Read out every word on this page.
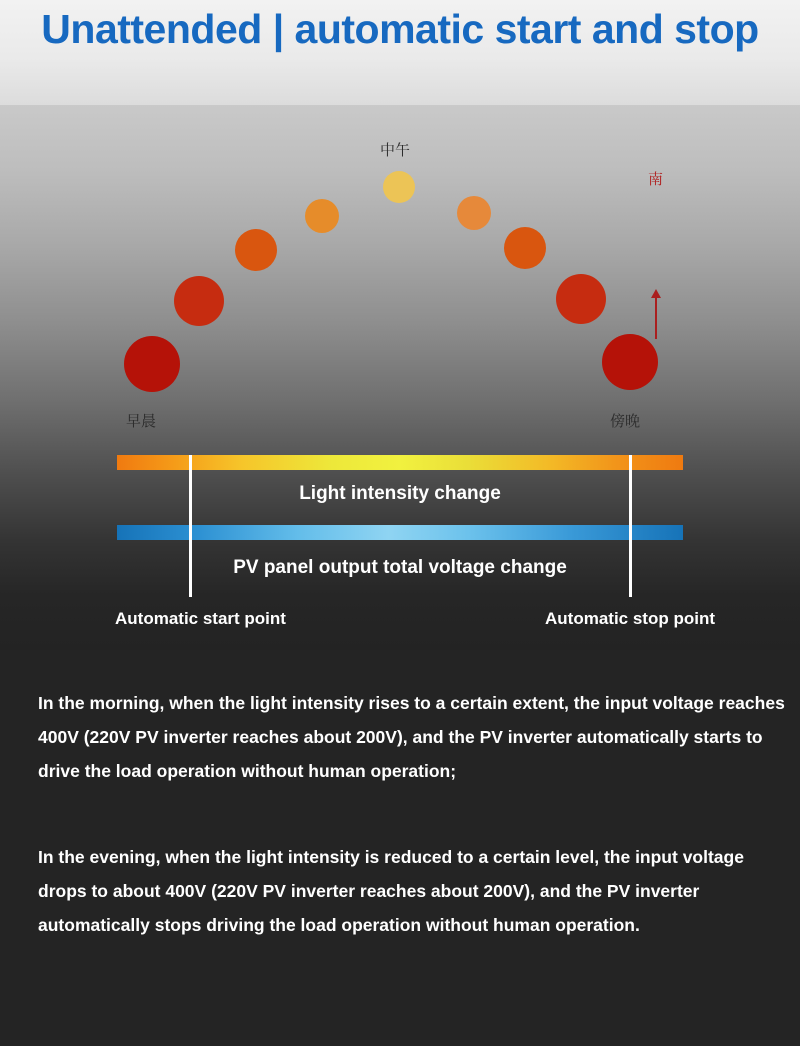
Unattended | automatic start and stop
中午
南
早晨	傍晚
Light intensity change
PV panel output total voltage change
Automatic start point	Automatic stop point
In the morning, when the light intensity rises to a certain extent, the input voltage reaches 400V (220V PV inverter reaches about 200V), and the PV inverter automatically starts to drive the load operation without human operation;
In the evening, when the light intensity is reduced to a certain level, the input voltage drops to about 400V (220V PV inverter reaches about 200V), and the PV inverter automatically stops driving the load operation without human operation.
